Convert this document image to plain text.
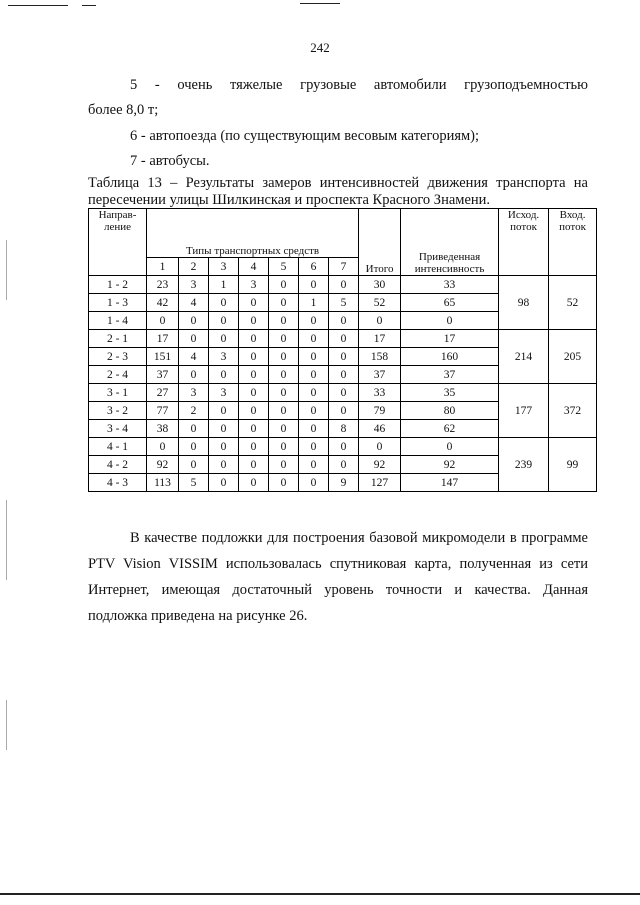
242
5 - очень тяжелые грузовые автомобили грузоподъемностью
более 8,0 т;
6 - автопоезда (по существующим весовым категориям);
7 - автобусы.
Таблица 13 – Результаты замеров интенсивностей движения транспорта на
пересечении улицы Шилкинская и проспекта Красного Знамени.
Направ-ление	Типы транспортных средств							Итого	Приведенная интенсивность	Исход. поток	Вход. поток
	1	2	3	4	5	6	7				
1 - 2	23	3	1	3	0	0	0	30	33	98	52
1 - 3	42	4	0	0	0	1	5	52	65		
1 - 4	0	0	0	0	0	0	0	0	0		
2 - 1	17	0	0	0	0	0	0	17	17	214	205
2 - 3	151	4	3	0	0	0	0	158	160		
2 - 4	37	0	0	0	0	0	0	37	37		
3 - 1	27	3	3	0	0	0	0	33	35	177	372
3 - 2	77	2	0	0	0	0	0	79	80		
3 - 4	38	0	0	0	0	0	8	46	62		
4 - 1	0	0	0	0	0	0	0	0	0	239	99
4 - 2	92	0	0	0	0	0	0	92	92		
4 - 3	113	5	0	0	0	0	9	127	147		
В качестве подложки для построения базовой микромодели в программе
PTV Vision VISSIM использовалась спутниковая карта, полученная из сети
Интернет, имеющая достаточный уровень точности и качества. Данная
подложка приведена на рисунке 26.
